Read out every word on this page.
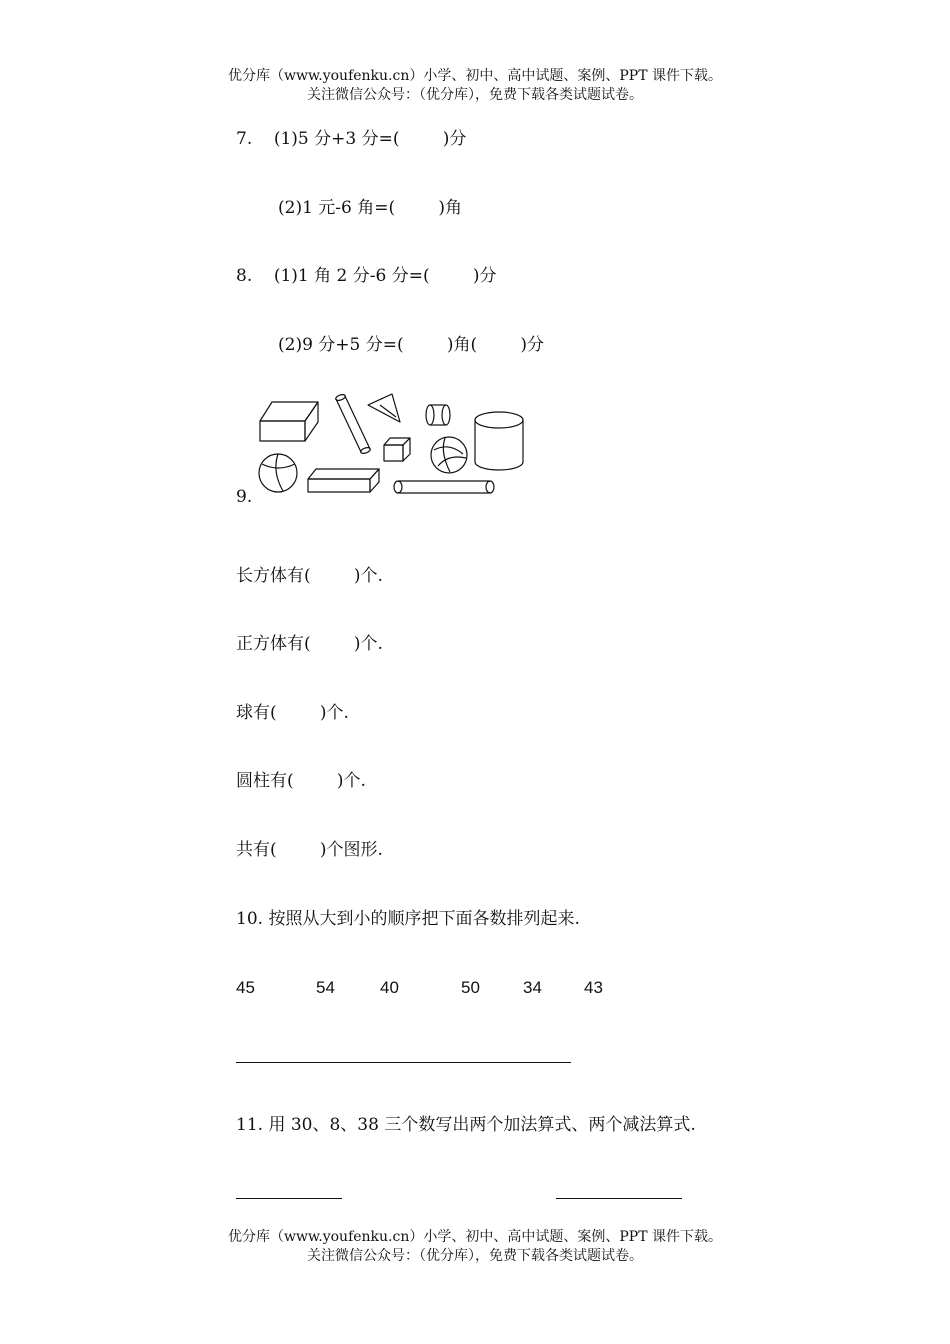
优分库（www.youfenku.cn）小学、初中、高中试题、案例、PPT 课件下载。
关注微信公众号：（优分库），免费下载各类试题试卷。
7.    (1)5 分+3 分=(        )分
(2)1 元-6 角=(        )角
8.    (1)1 角 2 分-6 分=(        )分
(2)9 分+5 分=(        )角(        )分
9.
长方体有(        )个.
正方体有(        )个.
球有(        )个.
圆柱有(        )个.
共有(        )个图形.
10. 按照从大到小的顺序把下面各数排列起来.
45	54	40	50	34 43
11. 用 30、8、38 三个数写出两个加法算式、两个减法算式.
优分库（www.youfenku.cn）小学、初中、高中试题、案例、PPT 课件下载。
关注微信公众号：（优分库），免费下载各类试题试卷。
